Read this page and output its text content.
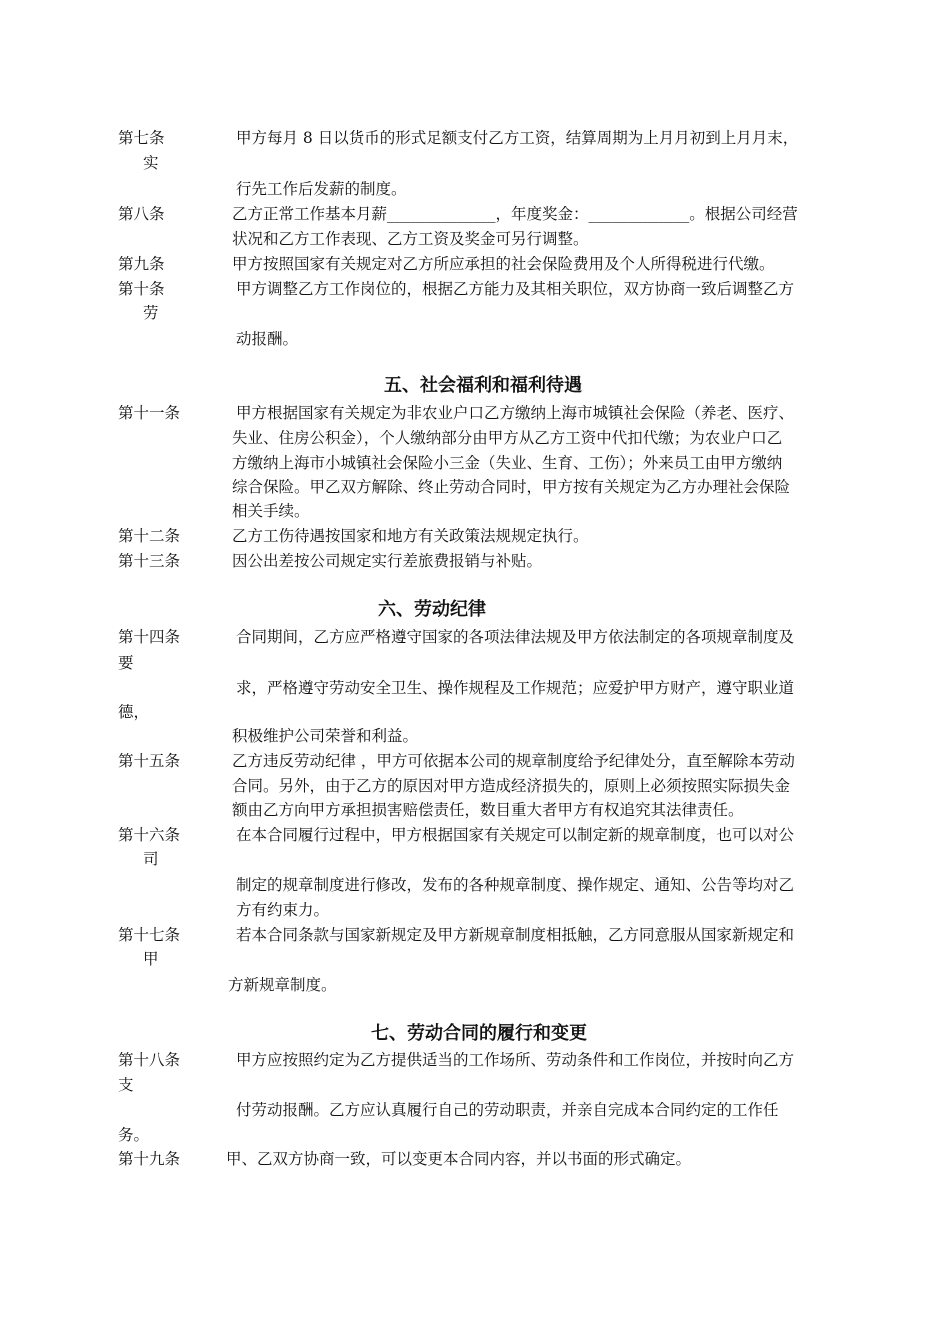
第七条	甲方每月 8 日以货币的形式足额支付乙方工资，结算周期为上月月初到上月月末，
实
行先工作后发薪的制度。
第八条	乙方正常工作基本月薪______________，年度奖金：_____________。根据公司经营
状况和乙方工作表现、乙方工资及奖金可另行调整。
第九条	甲方按照国家有关规定对乙方所应承担的社会保险费用及个人所得税进行代缴。
第十条	甲方调整乙方工作岗位的，根据乙方能力及其相关职位，双方协商一致后调整乙方
劳
动报酬。
五、社会福利和福利待遇
第十一条	甲方根据国家有关规定为非农业户口乙方缴纳上海市城镇社会保险（养老、医疗、
失业、住房公积金），个人缴纳部分由甲方从乙方工资中代扣代缴；为农业户口乙
方缴纳上海市小城镇社会保险小三金（失业、生育、工伤）；外来员工由甲方缴纳
综合保险。甲乙双方解除、终止劳动合同时，甲方按有关规定为乙方办理社会保险
相关手续。
第十二条	乙方工伤待遇按国家和地方有关政策法规规定执行。
第十三条	因公出差按公司规定实行差旅费报销与补贴。
六、劳动纪律
第十四条	合同期间，乙方应严格遵守国家的各项法律法规及甲方依法制定的各项规章制度及
要
求，严格遵守劳动安全卫生、操作规程及工作规范；应爱护甲方财产，遵守职业道
德，
积极维护公司荣誉和利益。
第十五条	乙方违反劳动纪律 ，甲方可依据本公司的规章制度给予纪律处分，直至解除本劳动
合同。另外，由于乙方的原因对甲方造成经济损失的，原则上必须按照实际损失金
额由乙方向甲方承担损害赔偿责任，数目重大者甲方有权追究其法律责任。
第十六条	在本合同履行过程中，甲方根据国家有关规定可以制定新的规章制度，也可以对公
司
制定的规章制度进行修改，发布的各种规章制度、操作规定、通知、公告等均对乙
方有约束力。
第十七条	若本合同条款与国家新规定及甲方新规章制度相抵触，乙方同意服从国家新规定和
甲
方新规章制度。
七、劳动合同的履行和变更
第十八条	甲方应按照约定为乙方提供适当的工作场所、劳动条件和工作岗位，并按时向乙方
支
付劳动报酬。乙方应认真履行自己的劳动职责，并亲自完成本合同约定的工作任
务。
第十九条	甲、乙双方协商一致，可以变更本合同内容，并以书面的形式确定。
